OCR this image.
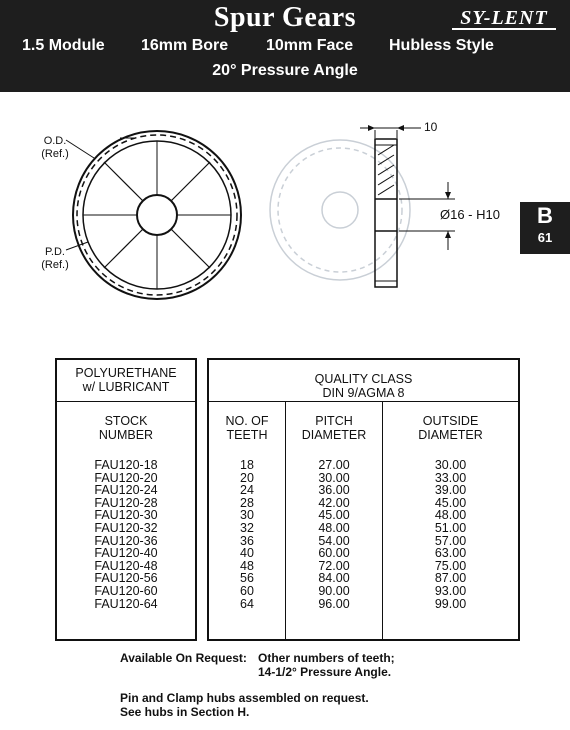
Spur Gears	SY-LENT
1.5 Module 16mm Bore 10mm Face Hubless Style
20° Pressure Angle
B
61
O.D.
(Ref.)
P.D.
(Ref.)
10
Ø16 - H10
POLYURETHANE
w/ LUBRICANT
STOCK
NUMBER
FAU120-18
FAU120-20
FAU120-24
FAU120-28
FAU120-30
FAU120-32
FAU120-36
FAU120-40
FAU120-48
FAU120-56
FAU120-60
FAU120-64
QUALITY CLASS
DIN 9/AGMA 8
NO. OF
TEETH
PITCH
DIAMETER
OUTSIDE
DIAMETER
18
20
24
28
30
32
36
40
48
56
60
64
27.00
30.00
36.00
42.00
45.00
48.00
54.00
60.00
72.00
84.00
90.00
96.00
30.00
33.00
39.00
45.00
48.00
51.00
57.00
63.00
75.00
87.00
93.00
99.00
Available On Request: Other numbers of teeth;
14-1/2° Pressure Angle.
Pin and Clamp hubs assembled on request.
See hubs in Section H.
